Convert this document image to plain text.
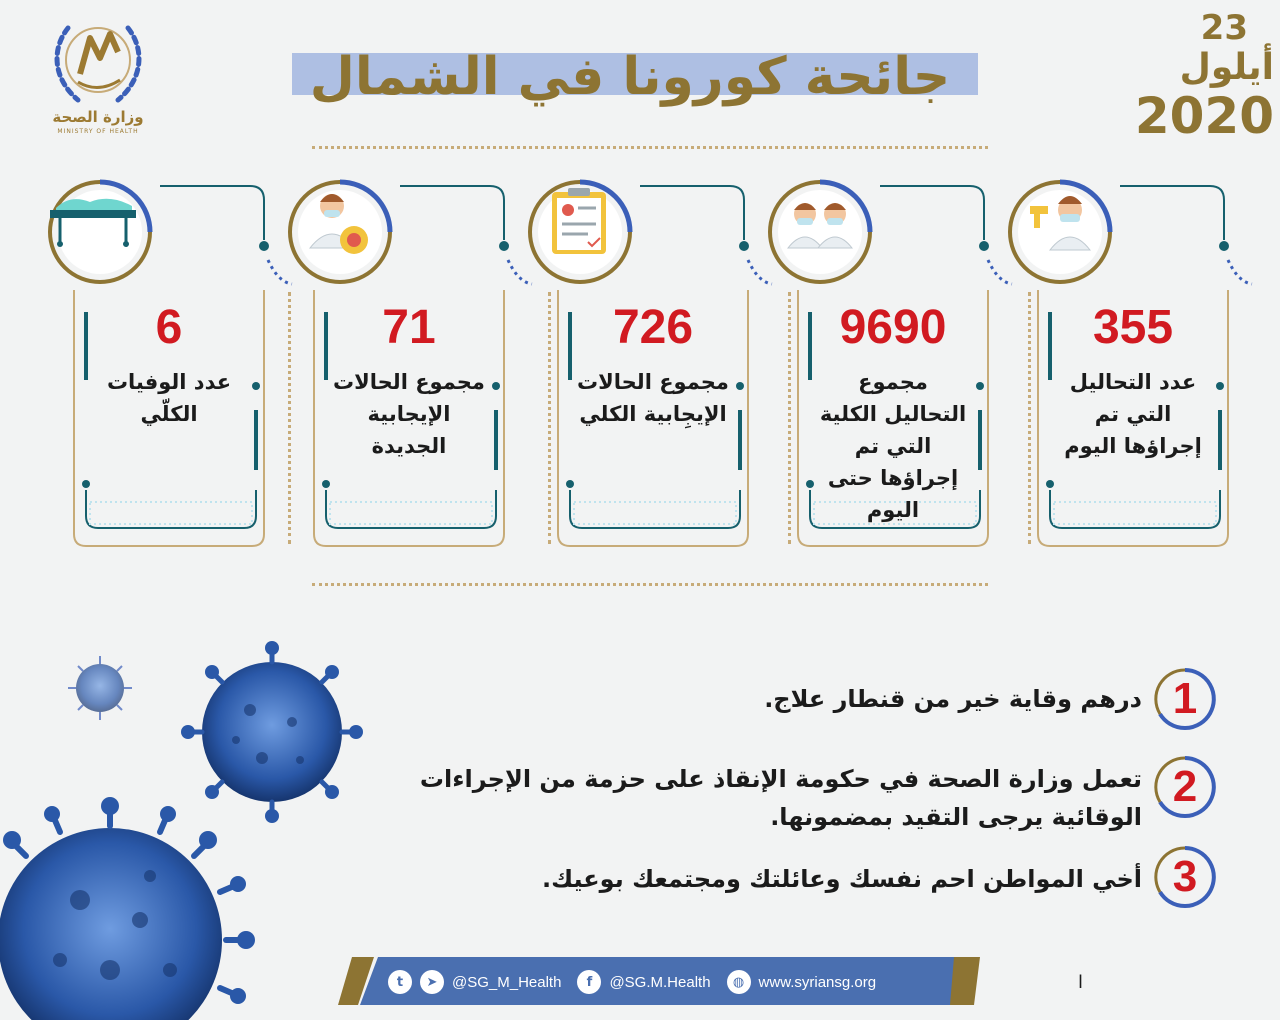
وزارة الصحة
MINISTRY OF HEALTH
جائحة كورونا في الشمال
23
أيلول
2020
355
عدد التحاليل التي تم إجراؤها اليوم
9690
مجموع التحاليل الكلية التي تم إجراؤها حتى اليوم
726
مجموع الحالات الإيجِابية الكلي
71
مجموع الحالات الإيجابية الجديدة
6
عدد الوفيات الكلّي
1
درهم وقاية خير من قنطار علاج.
2
تعمل وزارة الصحة في حكومة الإنقاذ على حزمة من الإجراءات الوقائية يرجى التقيد بمضمونها.
3
أخي المواطن احم نفسك وعائلتك ومجتمعك بوعيك.
t	➤ @SG_M_Health	f	@SG.M.Health	◍ www.syriansg.org	ا
